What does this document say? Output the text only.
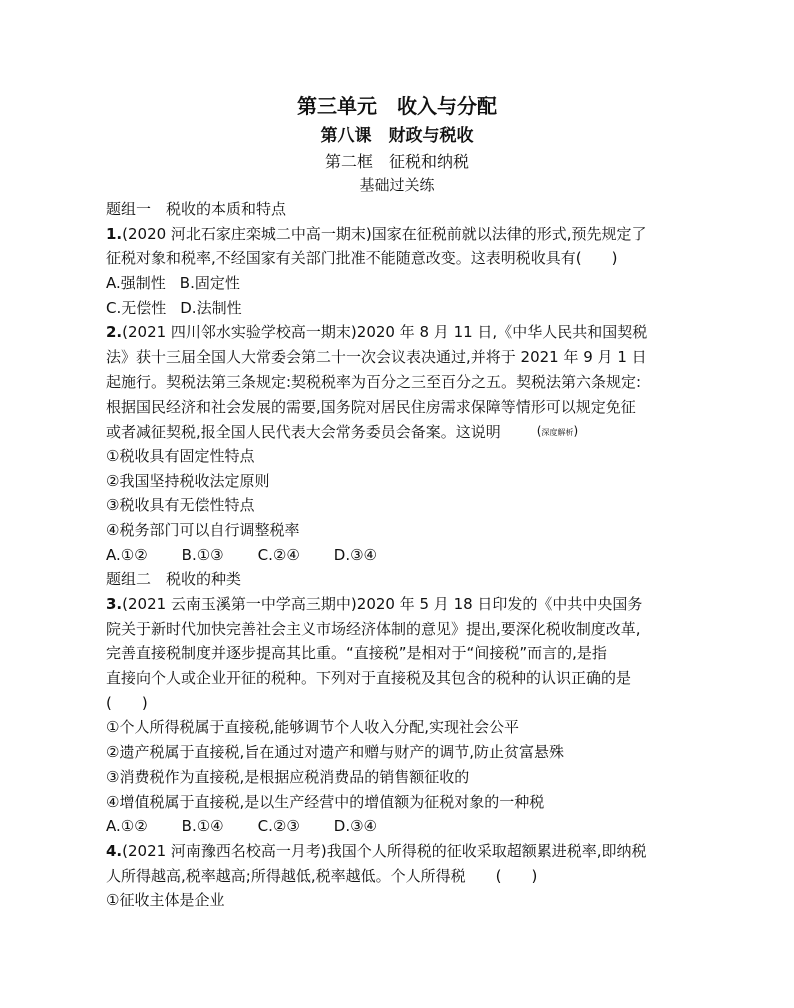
第三单元　收入与分配
第八课　财政与税收
第二框　征税和纳税
基础过关练
题组一　税收的本质和特点
1.(2020 河北石家庄栾城二中高一期末)国家在征税前就以法律的形式,预先规定了
征税对象和税率,不经国家有关部门批准不能随意改变。这表明税收具有(　　)
A.强制性 B.固定性
C.无偿性 D.法制性
2.(2021 四川邻水实验学校高一期末)2020 年 8 月 11 日,《中华人民共和国契税
法》获十三届全国人大常委会第二十一次会议表决通过,并将于 2021 年 9 月 1 日
起施行。契税法第三条规定:契税税率为百分之三至百分之五。契税法第六条规定:
根据国民经济和社会发展的需要,国务院对居民住房需求保障等情形可以规定免征
或者减征契税,报全国人民代表大会常务委员会备案。这说明	(深度解析)
①税收具有固定性特点
②我国坚持税收法定原则
③税收具有无偿性特点
④税务部门可以自行调整税率
A.①② B.①③ C.②④ D.③④
题组二　税收的种类
3.(2021 云南玉溪第一中学高三期中)2020 年 5 月 18 日印发的《中共中央国务
院关于新时代加快完善社会主义市场经济体制的意见》提出,要深化税收制度改革,
完善直接税制度并逐步提高其比重。“直接税”是相对于“间接税”而言的,是指
直接向个人或企业开征的税种。下列对于直接税及其包含的税种的认识正确的是
(　　)
①个人所得税属于直接税,能够调节个人收入分配,实现社会公平
②遗产税属于直接税,旨在通过对遗产和赠与财产的调节,防止贫富悬殊
③消费税作为直接税,是根据应税消费品的销售额征收的
④增值税属于直接税,是以生产经营中的增值额为征税对象的一种税
A.①② B.①④ C.②③ D.③④
4.(2021 河南豫西名校高一月考)我国个人所得税的征收采取超额累进税率,即纳税
人所得越高,税率越高;所得越低,税率越低。个人所得税　　(　　)
①征收主体是企业
